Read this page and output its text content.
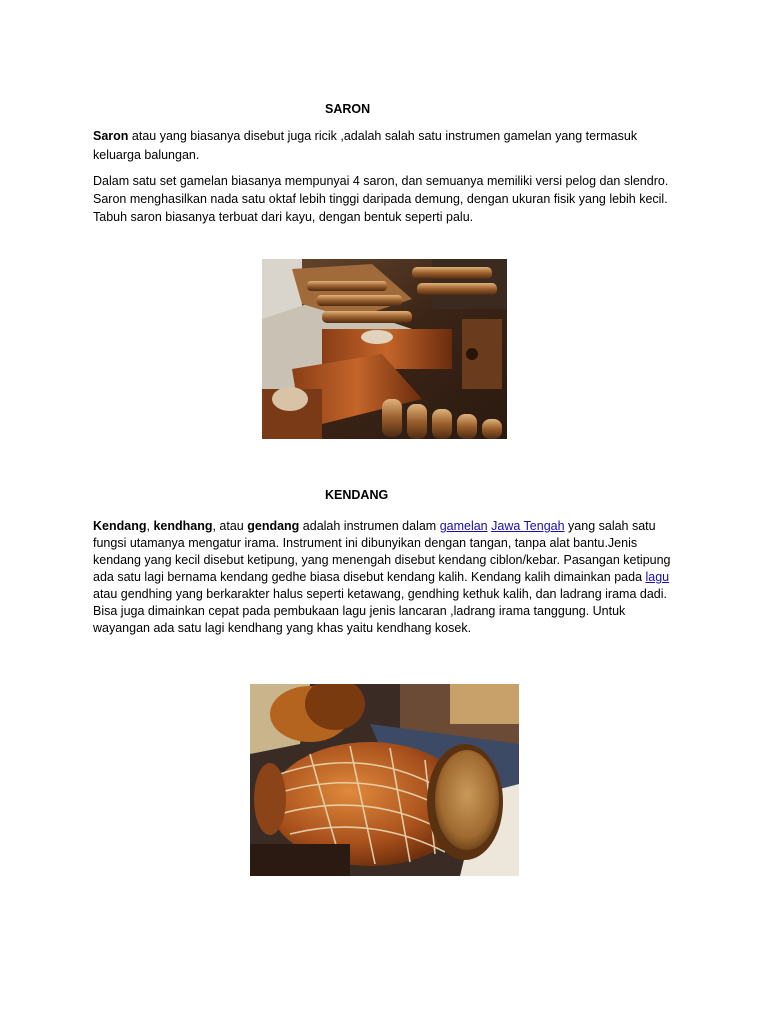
SARON
Saron atau yang biasanya disebut juga ricik ,adalah salah satu instrumen gamelan yang termasuk keluarga balungan.
Dalam satu set gamelan biasanya mempunyai 4 saron, dan semuanya memiliki versi pelog dan slendro. Saron menghasilkan nada satu oktaf lebih tinggi daripada demung, dengan ukuran fisik yang lebih kecil. Tabuh saron biasanya terbuat dari kayu, dengan bentuk seperti palu.
KENDANG
Kendang, kendhang, atau gendang adalah instrumen dalam gamelan Jawa Tengah yang salah satu fungsi utamanya mengatur irama. Instrument ini dibunyikan dengan tangan, tanpa alat bantu.Jenis kendang yang kecil disebut ketipung, yang menengah disebut kendang ciblon/kebar. Pasangan ketipung ada satu lagi bernama kendang gedhe biasa disebut kendang kalih. Kendang kalih dimainkan pada lagu atau gendhing yang berkarakter halus seperti ketawang, gendhing kethuk kalih, dan ladrang irama dadi. Bisa juga dimainkan cepat pada pembukaan lagu jenis lancaran ,ladrang irama tanggung. Untuk wayangan ada satu lagi kendhang yang khas yaitu kendhang kosek.
